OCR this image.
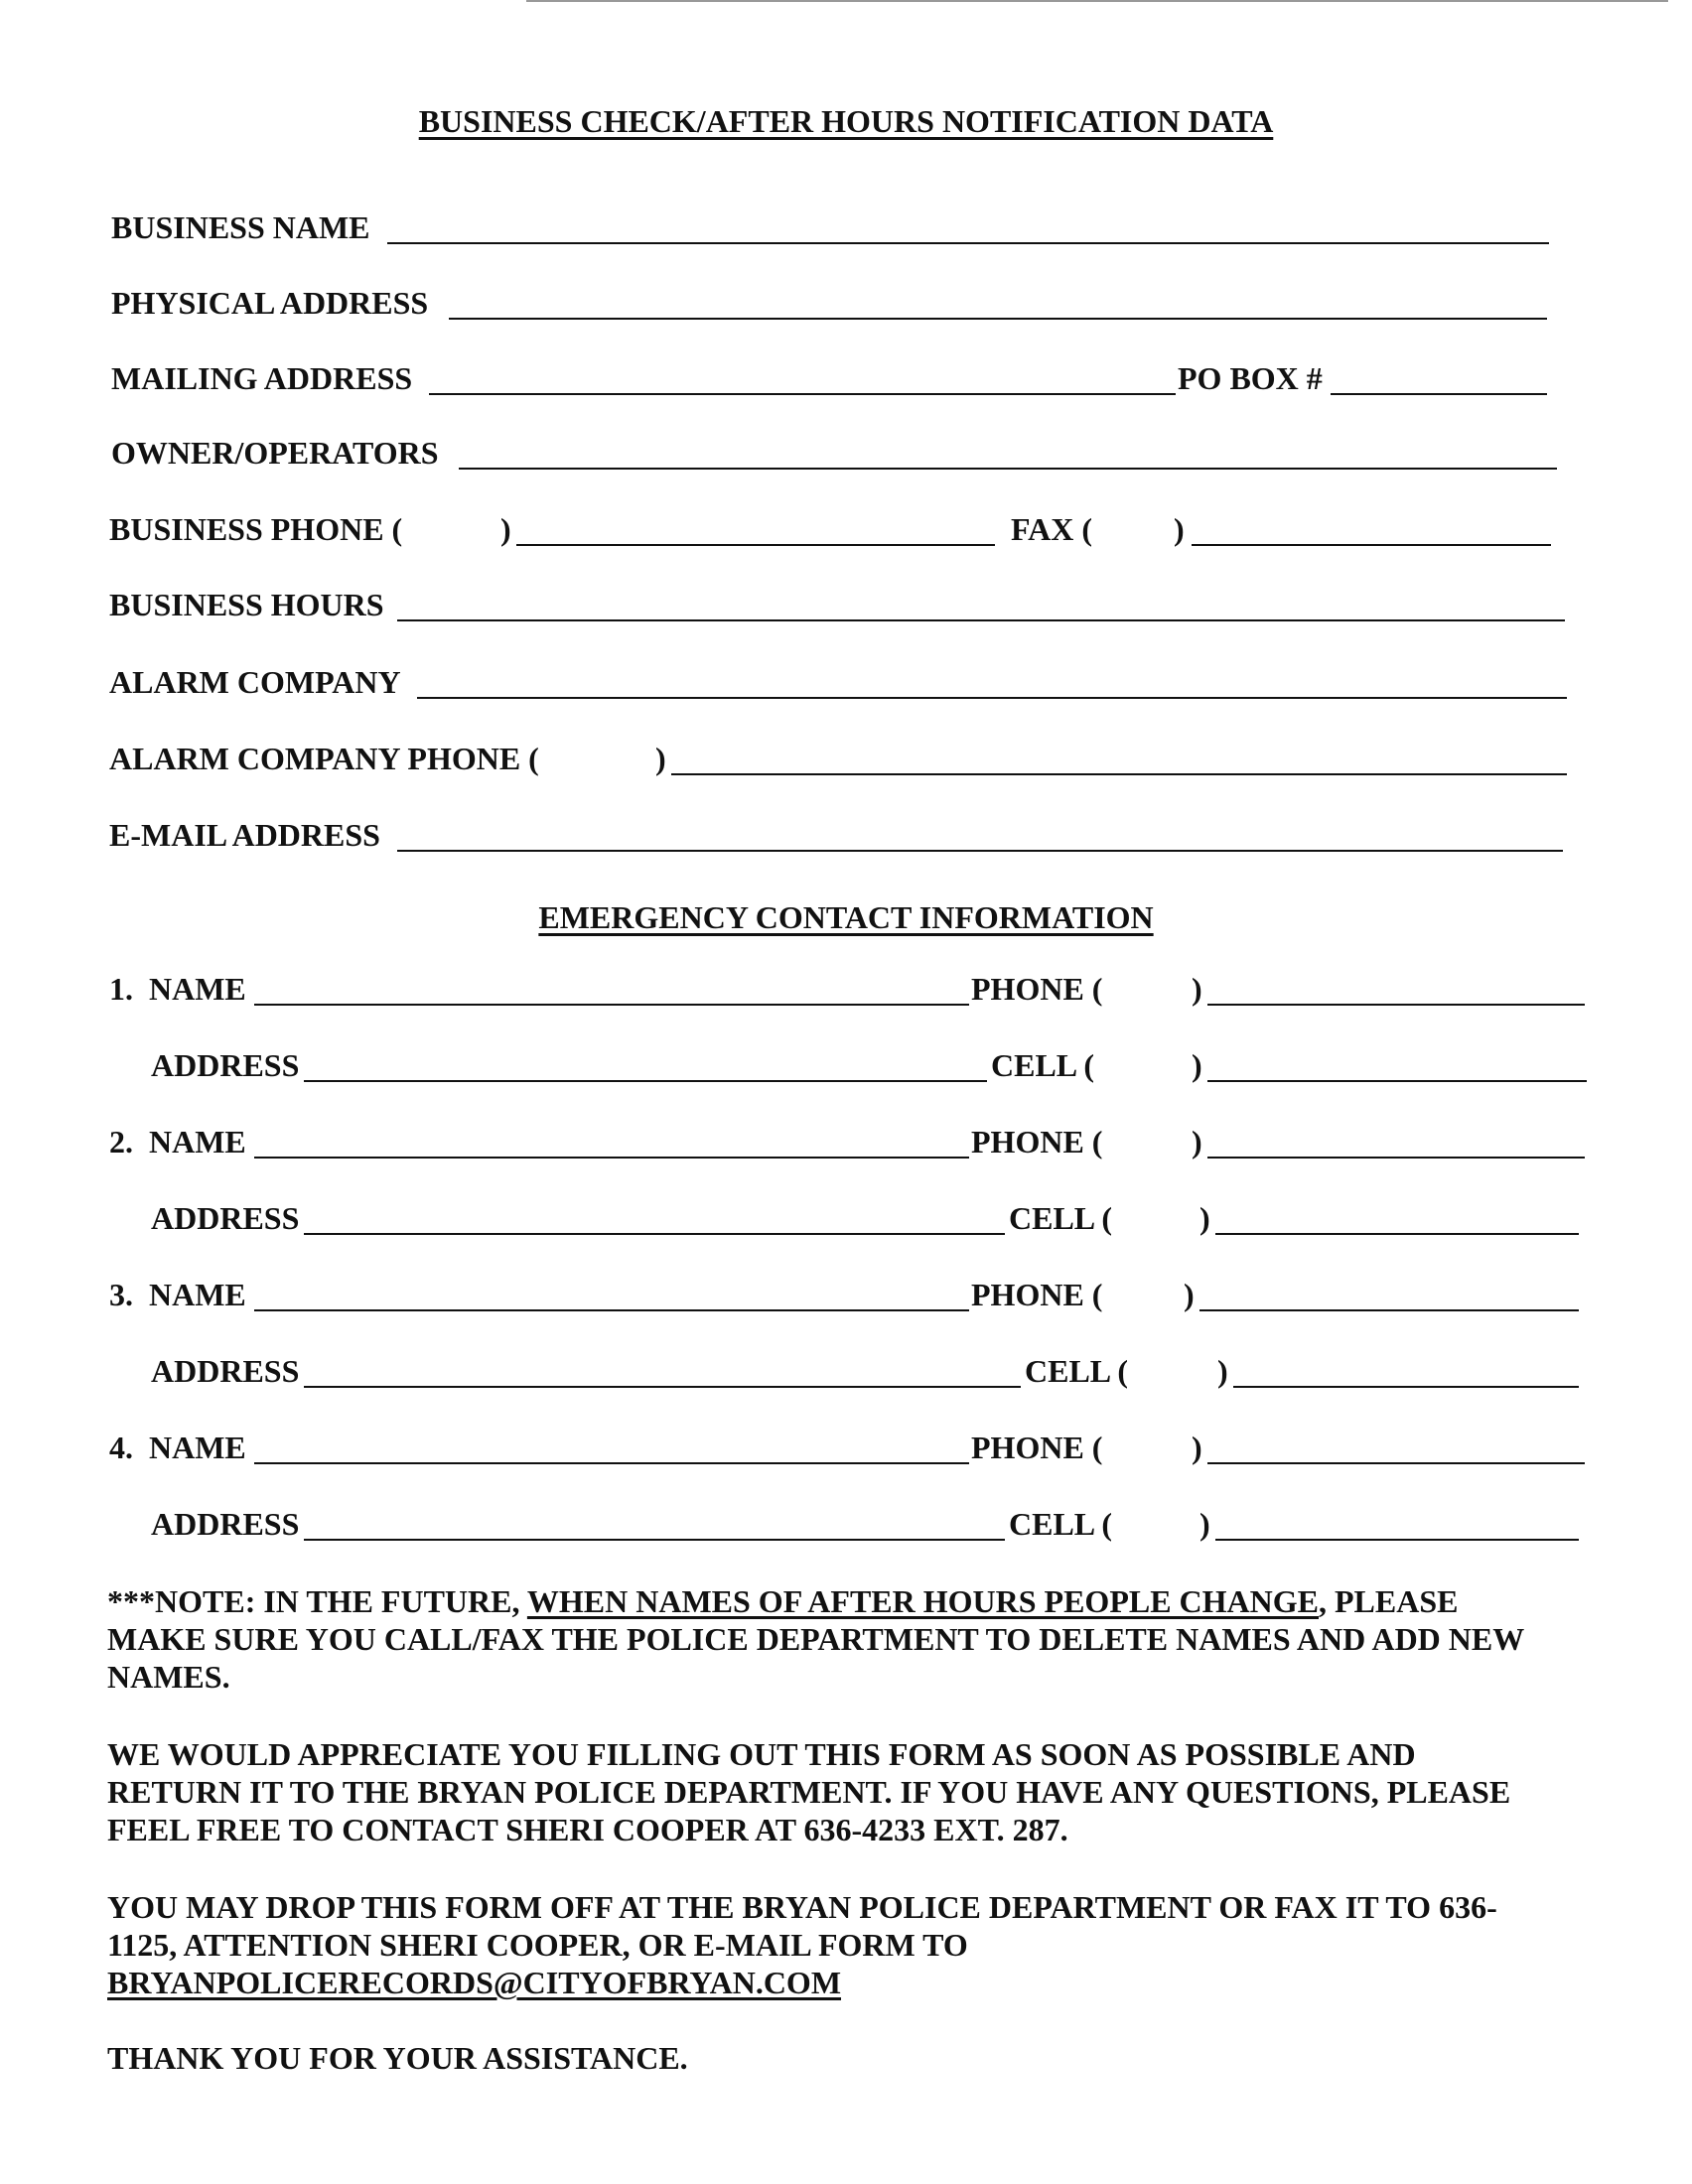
BUSINESS CHECK/AFTER HOURS NOTIFICATION DATA
BUSINESS NAME
PHYSICAL ADDRESS
MAILING ADDRESS	PO BOX #
OWNER/OPERATORS
BUSINESS PHONE (	)	FAX (	)
BUSINESS HOURS
ALARM COMPANY
ALARM COMPANY PHONE (	)
E-MAIL ADDRESS
EMERGENCY CONTACT INFORMATION
1. NAME	PHONE (	)
ADDRESS	CELL (	)
2. NAME	PHONE (	)
ADDRESS	CELL (	)
3. NAME	PHONE (	)
ADDRESS	CELL (	)
4. NAME	PHONE (	)
ADDRESS	CELL (	)

***NOTE: IN THE FUTURE, WHEN NAMES OF AFTER HOURS PEOPLE CHANGE, PLEASE MAKE SURE YOU CALL/FAX THE POLICE DEPARTMENT TO DELETE NAMES AND ADD NEW NAMES.

WE WOULD APPRECIATE YOU FILLING OUT THIS FORM AS SOON AS POSSIBLE AND RETURN IT TO THE BRYAN POLICE DEPARTMENT. IF YOU HAVE ANY QUESTIONS, PLEASE FEEL FREE TO CONTACT SHERI COOPER AT 636-4233 EXT. 287.

YOU MAY DROP THIS FORM OFF AT THE BRYAN POLICE DEPARTMENT OR FAX IT TO 636-1125, ATTENTION SHERI COOPER, OR E-MAIL FORM TO
BRYANPOLICERECORDS@CITYOFBRYAN.COM

THANK YOU FOR YOUR ASSISTANCE.
